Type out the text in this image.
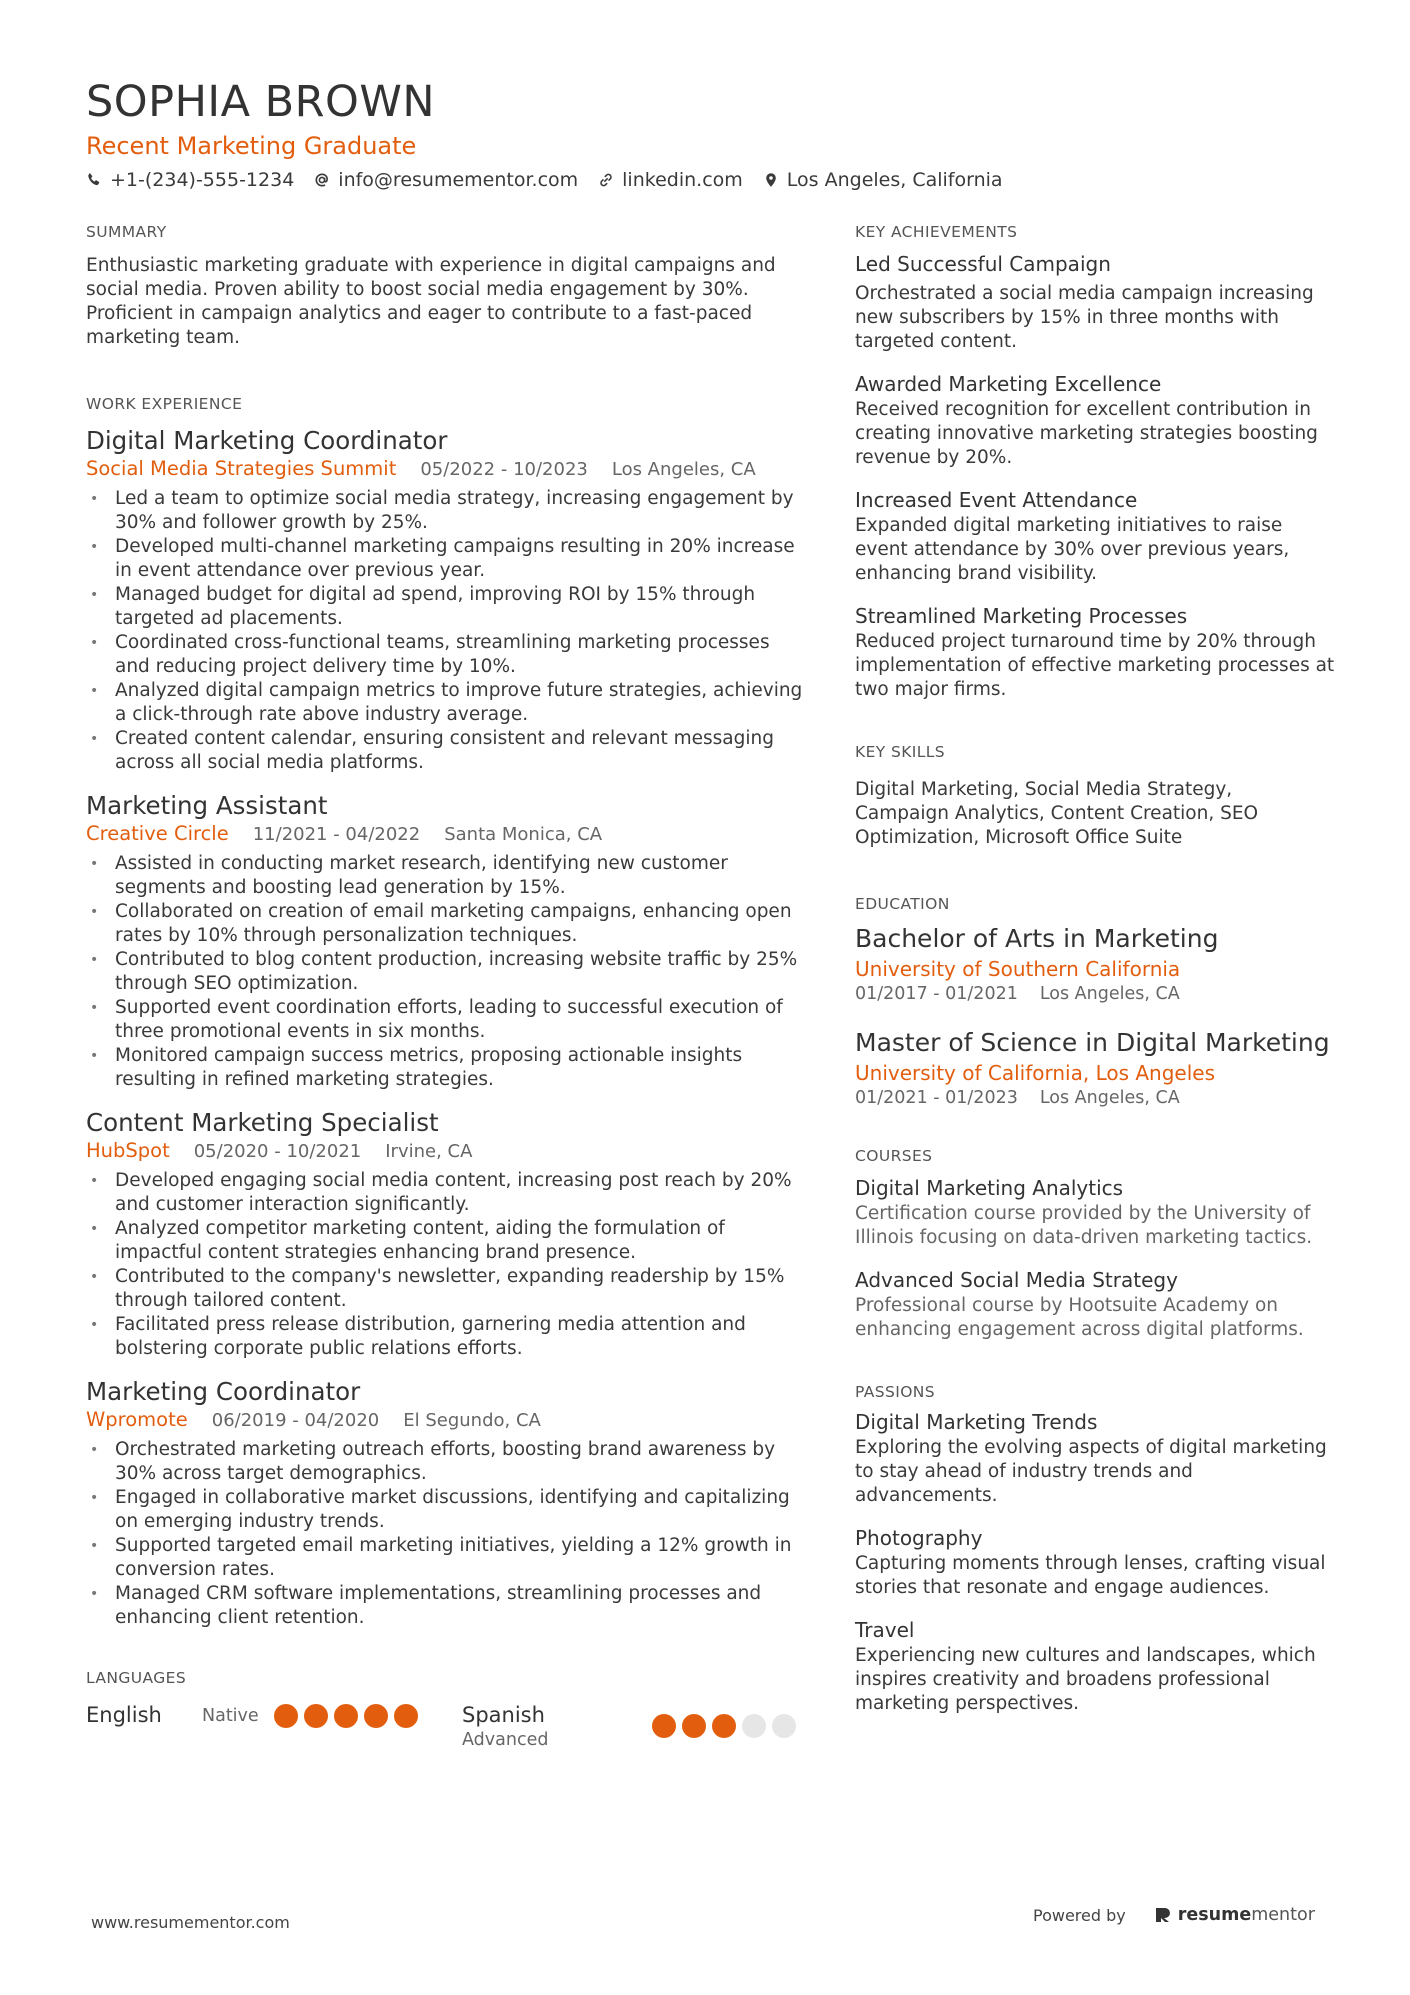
SOPHIA BROWN
Recent Marketing Graduate
+1-(234)-555-1234 info@resumementor.com linkedin.com Los Angeles, California
SUMMARY
Enthusiastic marketing graduate with experience in digital campaigns and social media. Proven ability to boost social media engagement by 30%. Proficient in campaign analytics and eager to contribute to a fast-paced marketing team.
WORK EXPERIENCE
Digital Marketing Coordinator
Social Media Strategies Summit 05/2022 - 10/2023 Los Angeles, CA
• Led a team to optimize social media strategy, increasing engagement by 30% and follower growth by 25%.
• Developed multi-channel marketing campaigns resulting in 20% increase in event attendance over previous year.
• Managed budget for digital ad spend, improving ROI by 15% through targeted ad placements.
• Coordinated cross-functional teams, streamlining marketing processes and reducing project delivery time by 10%.
• Analyzed digital campaign metrics to improve future strategies, achieving a click-through rate above industry average.
• Created content calendar, ensuring consistent and relevant messaging across all social media platforms.
Marketing Assistant
Creative Circle 11/2021 - 04/2022 Santa Monica, CA
• Assisted in conducting market research, identifying new customer segments and boosting lead generation by 15%.
• Collaborated on creation of email marketing campaigns, enhancing open rates by 10% through personalization techniques.
• Contributed to blog content production, increasing website traffic by 25% through SEO optimization.
• Supported event coordination efforts, leading to successful execution of three promotional events in six months.
• Monitored campaign success metrics, proposing actionable insights resulting in refined marketing strategies.
Content Marketing Specialist
HubSpot 05/2020 - 10/2021 Irvine, CA
• Developed engaging social media content, increasing post reach by 20% and customer interaction significantly.
• Analyzed competitor marketing content, aiding the formulation of impactful content strategies enhancing brand presence.
• Contributed to the company's newsletter, expanding readership by 15% through tailored content.
• Facilitated press release distribution, garnering media attention and bolstering corporate public relations efforts.
Marketing Coordinator
Wpromote 06/2019 - 04/2020 El Segundo, CA
• Orchestrated marketing outreach efforts, boosting brand awareness by 30% across target demographics.
• Engaged in collaborative market discussions, identifying and capitalizing on emerging industry trends.
• Supported targeted email marketing initiatives, yielding a 12% growth in conversion rates.
• Managed CRM software implementations, streamlining processes and enhancing client retention.
LANGUAGES
English Native	Spanish
Advanced
KEY ACHIEVEMENTS
Led Successful Campaign
Orchestrated a social media campaign increasing new subscribers by 15% in three months with targeted content.
Awarded Marketing Excellence
Received recognition for excellent contribution in creating innovative marketing strategies boosting revenue by 20%.
Increased Event Attendance
Expanded digital marketing initiatives to raise event attendance by 30% over previous years, enhancing brand visibility.
Streamlined Marketing Processes
Reduced project turnaround time by 20% through implementation of effective marketing processes at two major firms.
KEY SKILLS
Digital Marketing, Social Media Strategy, Campaign Analytics, Content Creation, SEO Optimization, Microsoft Office Suite
EDUCATION
Bachelor of Arts in Marketing
University of Southern California
01/2017 - 01/2021 Los Angeles, CA
Master of Science in Digital Marketing
University of California, Los Angeles
01/2021 - 01/2023 Los Angeles, CA
COURSES
Digital Marketing Analytics
Certification course provided by the University of Illinois focusing on data-driven marketing tactics.
Advanced Social Media Strategy
Professional course by Hootsuite Academy on enhancing engagement across digital platforms.
PASSIONS
Digital Marketing Trends
Exploring the evolving aspects of digital marketing to stay ahead of industry trends and advancements.
Photography
Capturing moments through lenses, crafting visual stories that resonate and engage audiences.
Travel
Experiencing new cultures and landscapes, which inspires creativity and broadens professional marketing perspectives.
www.resumementor.com	Powered by	resume mentor
